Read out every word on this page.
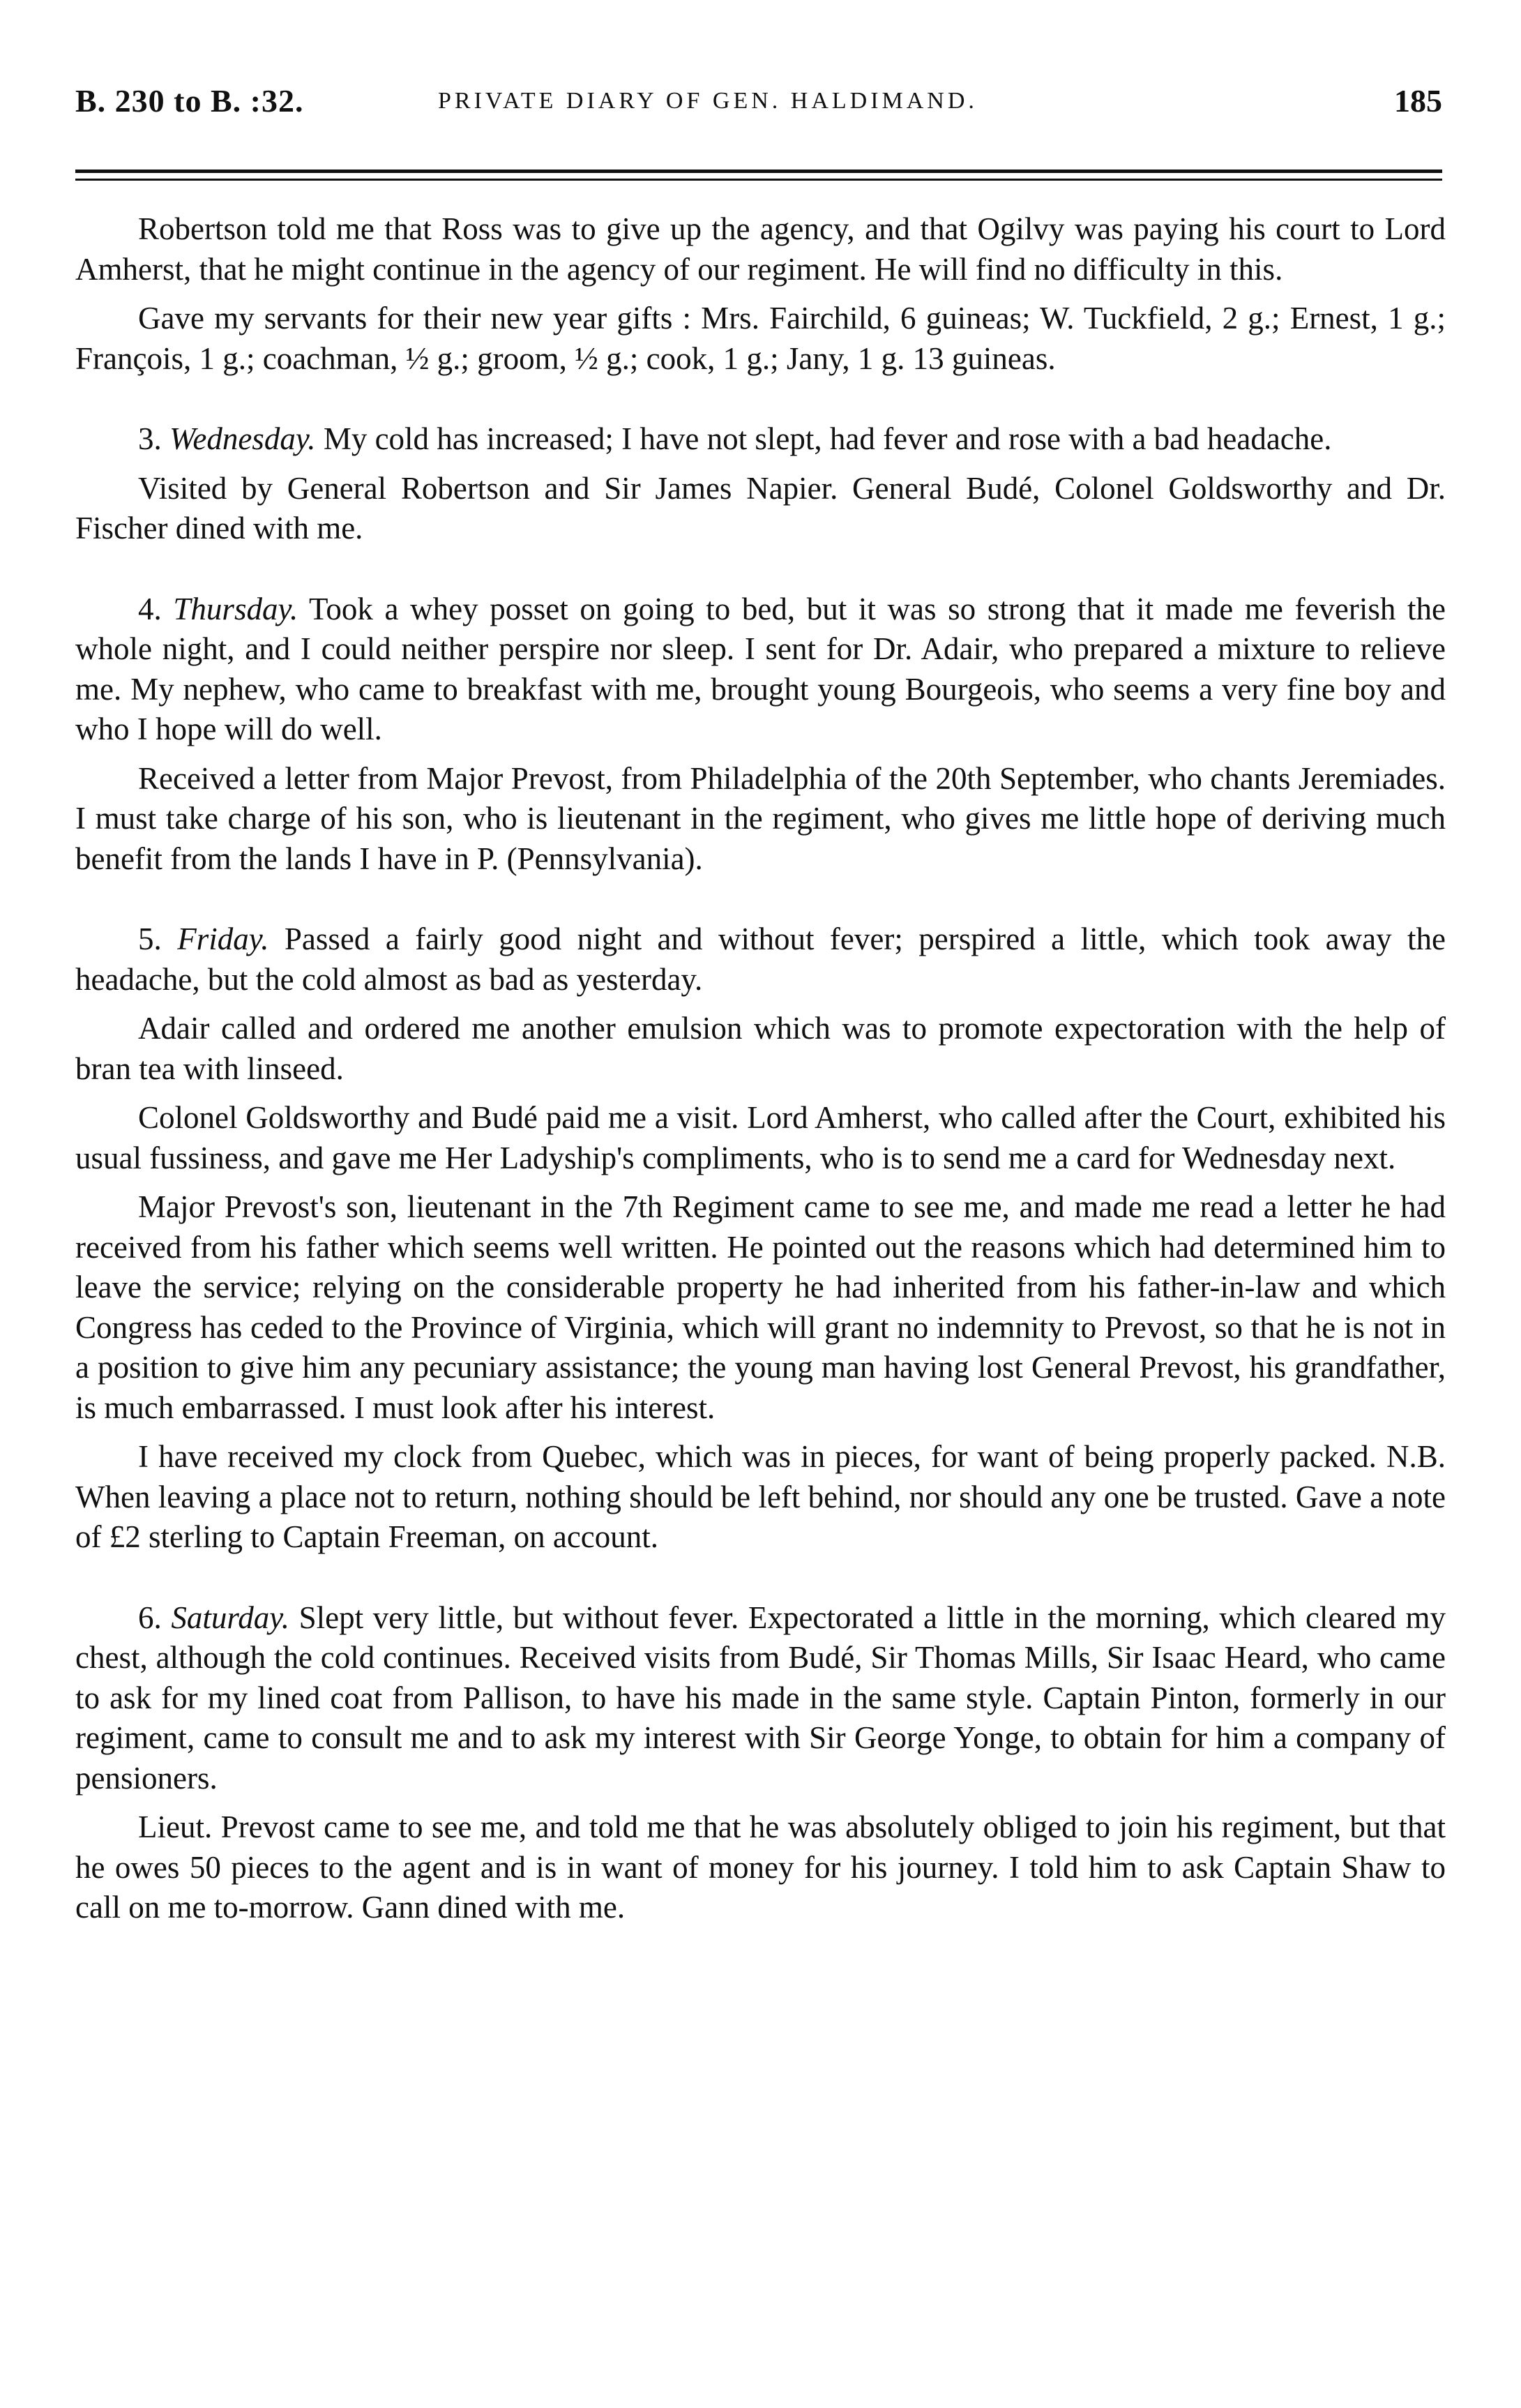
B. 230 to B. :32.	PRIVATE DIARY OF GEN. HALDIMAND.	185

Robertson told me that Ross was to give up the agency, and that Ogilvy was paying his court to Lord Amherst, that he might continue in the agency of our regiment. He will find no difficulty in this.

Gave my servants for their new year gifts : Mrs. Fairchild, 6 guineas; W. Tuckfield, 2 g.; Ernest, 1 g.; François, 1 g.; coachman, ½ g.; groom, ½ g.; cook, 1 g.; Jany, 1 g. 13 guineas.

3. Wednesday. My cold has increased; I have not slept, had fever and rose with a bad headache.

Visited by General Robertson and Sir James Napier. General Budé, Colonel Goldsworthy and Dr. Fischer dined with me.

4. Thursday. Took a whey posset on going to bed, but it was so strong that it made me feverish the whole night, and I could neither perspire nor sleep. I sent for Dr. Adair, who prepared a mixture to relieve me. My nephew, who came to breakfast with me, brought young Bourgeois, who seems a very fine boy and who I hope will do well.

Received a letter from Major Prevost, from Philadelphia of the 20th September, who chants Jeremiades. I must take charge of his son, who is lieutenant in the regiment, who gives me little hope of deriving much benefit from the lands I have in P. (Pennsylvania).

5. Friday. Passed a fairly good night and without fever; perspired a little, which took away the headache, but the cold almost as bad as yesterday.

Adair called and ordered me another emulsion which was to promote expectoration with the help of bran tea with linseed.

Colonel Goldsworthy and Budé paid me a visit. Lord Amherst, who called after the Court, exhibited his usual fussiness, and gave me Her Ladyship's compliments, who is to send me a card for Wednesday next.

Major Prevost's son, lieutenant in the 7th Regiment came to see me, and made me read a letter he had received from his father which seems well written. He pointed out the reasons which had determined him to leave the service; relying on the considerable property he had inherited from his father-in-law and which Congress has ceded to the Province of Virginia, which will grant no indemnity to Prevost, so that he is not in a position to give him any pecuniary assistance; the young man having lost General Prevost, his grandfather, is much embarrassed. I must look after his interest.

I have received my clock from Quebec, which was in pieces, for want of being properly packed. N.B. When leaving a place not to return, nothing should be left behind, nor should any one be trusted. Gave a note of £2 sterling to Captain Freeman, on account.

6. Saturday. Slept very little, but without fever. Expectorated a little in the morning, which cleared my chest, although the cold continues. Received visits from Budé, Sir Thomas Mills, Sir Isaac Heard, who came to ask for my lined coat from Pallison, to have his made in the same style. Captain Pinton, formerly in our regiment, came to consult me and to ask my interest with Sir George Yonge, to obtain for him a company of pensioners.

Lieut. Prevost came to see me, and told me that he was absolutely obliged to join his regiment, but that he owes 50 pieces to the agent and is in want of money for his journey. I told him to ask Captain Shaw to call on me to-morrow. Gann dined with me.
